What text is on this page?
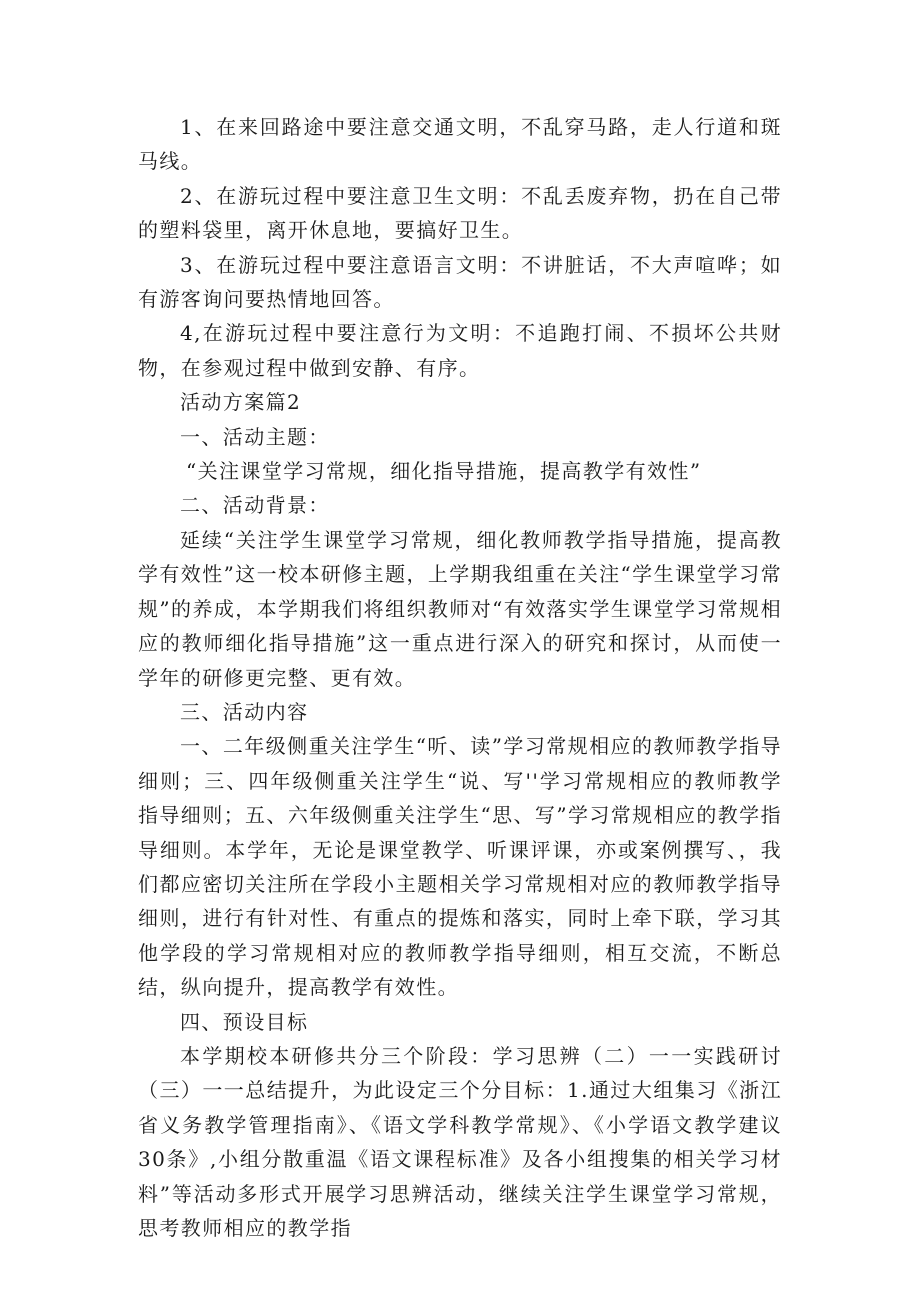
1、在来回路途中要注意交通文明，不乱穿马路，走人行道和斑马线。

2、在游玩过程中要注意卫生文明：不乱丢废弃物，扔在自己带的塑料袋里，离开休息地，要搞好卫生。

3、在游玩过程中要注意语言文明：不讲脏话，不大声喧哗；如有游客询问要热情地回答。

4,在游玩过程中要注意行为文明：不追跑打闹、不损坏公共财物，在参观过程中做到安静、有序。

活动方案篇2

一、活动主题：

“关注课堂学习常规，细化指导措施，提高教学有效性”

二、活动背景：

延续“关注学生课堂学习常规，细化教师教学指导措施，提高教学有效性”这一校本研修主题，上学期我组重在关注“学生课堂学习常规”的养成，本学期我们将组织教师对“有效落实学生课堂学习常规相应的教师细化指导措施”这一重点进行深入的研究和探讨，从而使一学年的研修更完整、更有效。

三、活动内容

一、二年级侧重关注学生“听、读”学习常规相应的教师教学指导细则；三、四年级侧重关注学生“说、写''学习常规相应的教师教学指导细则；五、六年级侧重关注学生“思、写”学习常规相应的教学指导细则。本学年，无论是课堂教学、听课评课，亦或案例撰写、，我们都应密切关注所在学段小主题相关学习常规相对应的教师教学指导细则，进行有针对性、有重点的提炼和落实，同时上牵下联，学习其他学段的学习常规相对应的教师教学指导细则，相互交流，不断总结，纵向提升，提高教学有效性。

四、预设目标

本学期校本研修共分三个阶段：学习思辨（二）一一实践研讨（三）一一总结提升，为此设定三个分目标：1.通过大组集习《浙江省义务教学管理指南》、《语文学科教学常规》、《小学语文教学建议30条》,小组分散重温《语文课程标准》及各小组搜集的相关学习材料”等活动多形式开展学习思辨活动，继续关注学生课堂学习常规，思考教师相应的教学指
